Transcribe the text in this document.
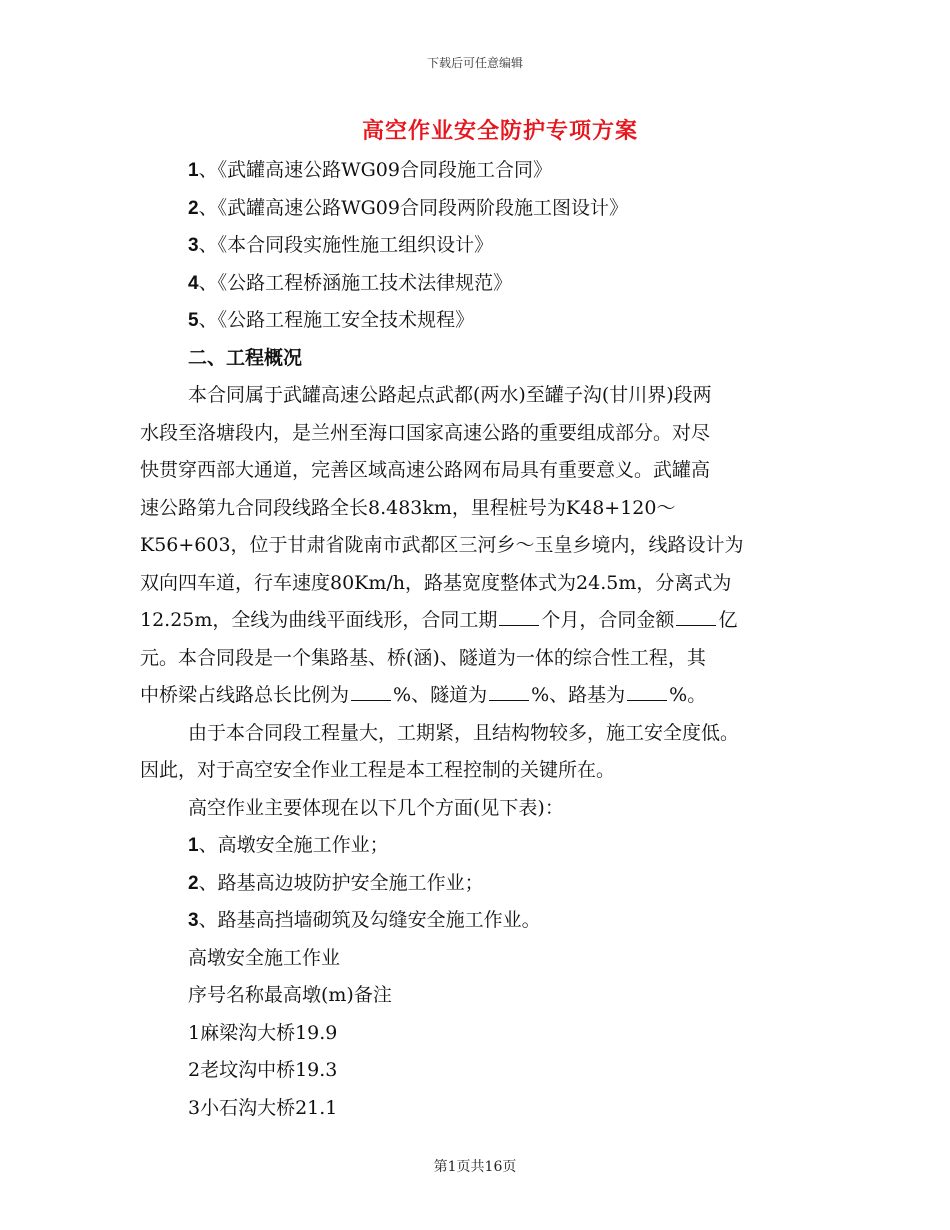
下载后可任意编辑
高空作业安全防护专项方案
1、《武罐高速公路WG09合同段施工合同》
2、《武罐高速公路WG09合同段两阶段施工图设计》
3、《本合同段实施性施工组织设计》
4、《公路工程桥涵施工技术法律规范》
5、《公路工程施工安全技术规程》
二、工程概况
本合同属于武罐高速公路起点武都(两水)至罐子沟(甘川界)段两
水段至洛塘段内，是兰州至海口国家高速公路的重要组成部分。对尽
快贯穿西部大通道，完善区域高速公路网布局具有重要意义。武罐高
速公路第九合同段线路全长8.483km，里程桩号为K48+120～
K56+603，位于甘肃省陇南市武都区三河乡～玉皇乡境内，线路设计为
双向四车道，行车速度80Km/h，路基宽度整体式为24.5m，分离式为
12.25m，全线为曲线平面线形，合同工期 个月，合同金额 亿
元。本合同段是一个集路基、桥(涵)、隧道为一体的综合性工程，其
中桥梁占线路总长比例为 %、隧道为 %、路基为 %。
由于本合同段工程量大，工期紧，且结构物较多，施工安全度低。
因此，对于高空安全作业工程是本工程控制的关键所在。
高空作业主要体现在以下几个方面(见下表)：
1、高墩安全施工作业；
2、路基高边坡防护安全施工作业；
3、路基高挡墙砌筑及勾缝安全施工作业。
高墩安全施工作业
序号名称最高墩(m)备注
1麻梁沟大桥19.9
2老坟沟中桥19.3
3小石沟大桥21.1
第1页共16页
